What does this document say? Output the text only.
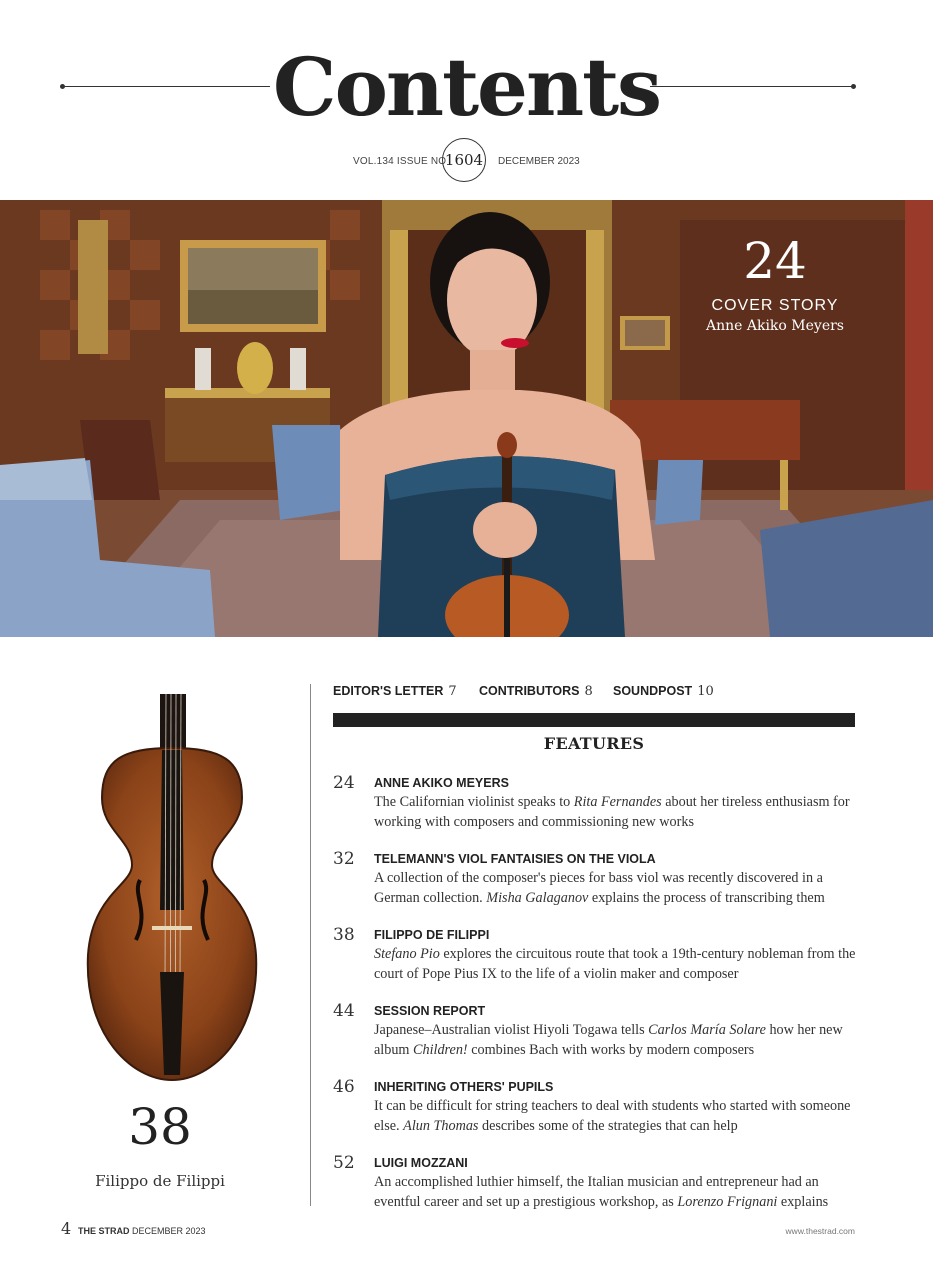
Contents
VOL.134 ISSUE NO
1604 DECEMBER 2023
24
COVER STORY
Anne Akiko Meyers
38
Filippo de Filippi
EDITOR'S LETTER 7 CONTRIBUTORS 8 SOUNDPOST 10
FEATURES
24 ANNE AKIKO MEYERS
The Californian violinist speaks to Rita Fernandes about her tireless enthusiasm for working with composers and commissioning new works
32 TELEMANN'S VIOL FANTAISIES ON THE VIOLA
A collection of the composer's pieces for bass viol was recently discovered in a German collection. Misha Galaganov explains the process of transcribing them
38 FILIPPO DE FILIPPI
Stefano Pio explores the circuitous route that took a 19th-century nobleman from the court of Pope Pius IX to the life of a violin maker and composer
44 SESSION REPORT
Japanese–Australian violist Hiyoli Togawa tells Carlos María Solare how her new album Children! combines Bach with works by modern composers
46 INHERITING OTHERS' PUPILS
It can be difficult for string teachers to deal with students who started with someone else. Alun Thomas describes some of the strategies that can help
52 LUIGI MOZZANI
An accomplished luthier himself, the Italian musician and entrepreneur had an eventful career and set up a prestigious workshop, as Lorenzo Frignani explains
4 THE STRAD DECEMBER 2023	www.thestrad.com
